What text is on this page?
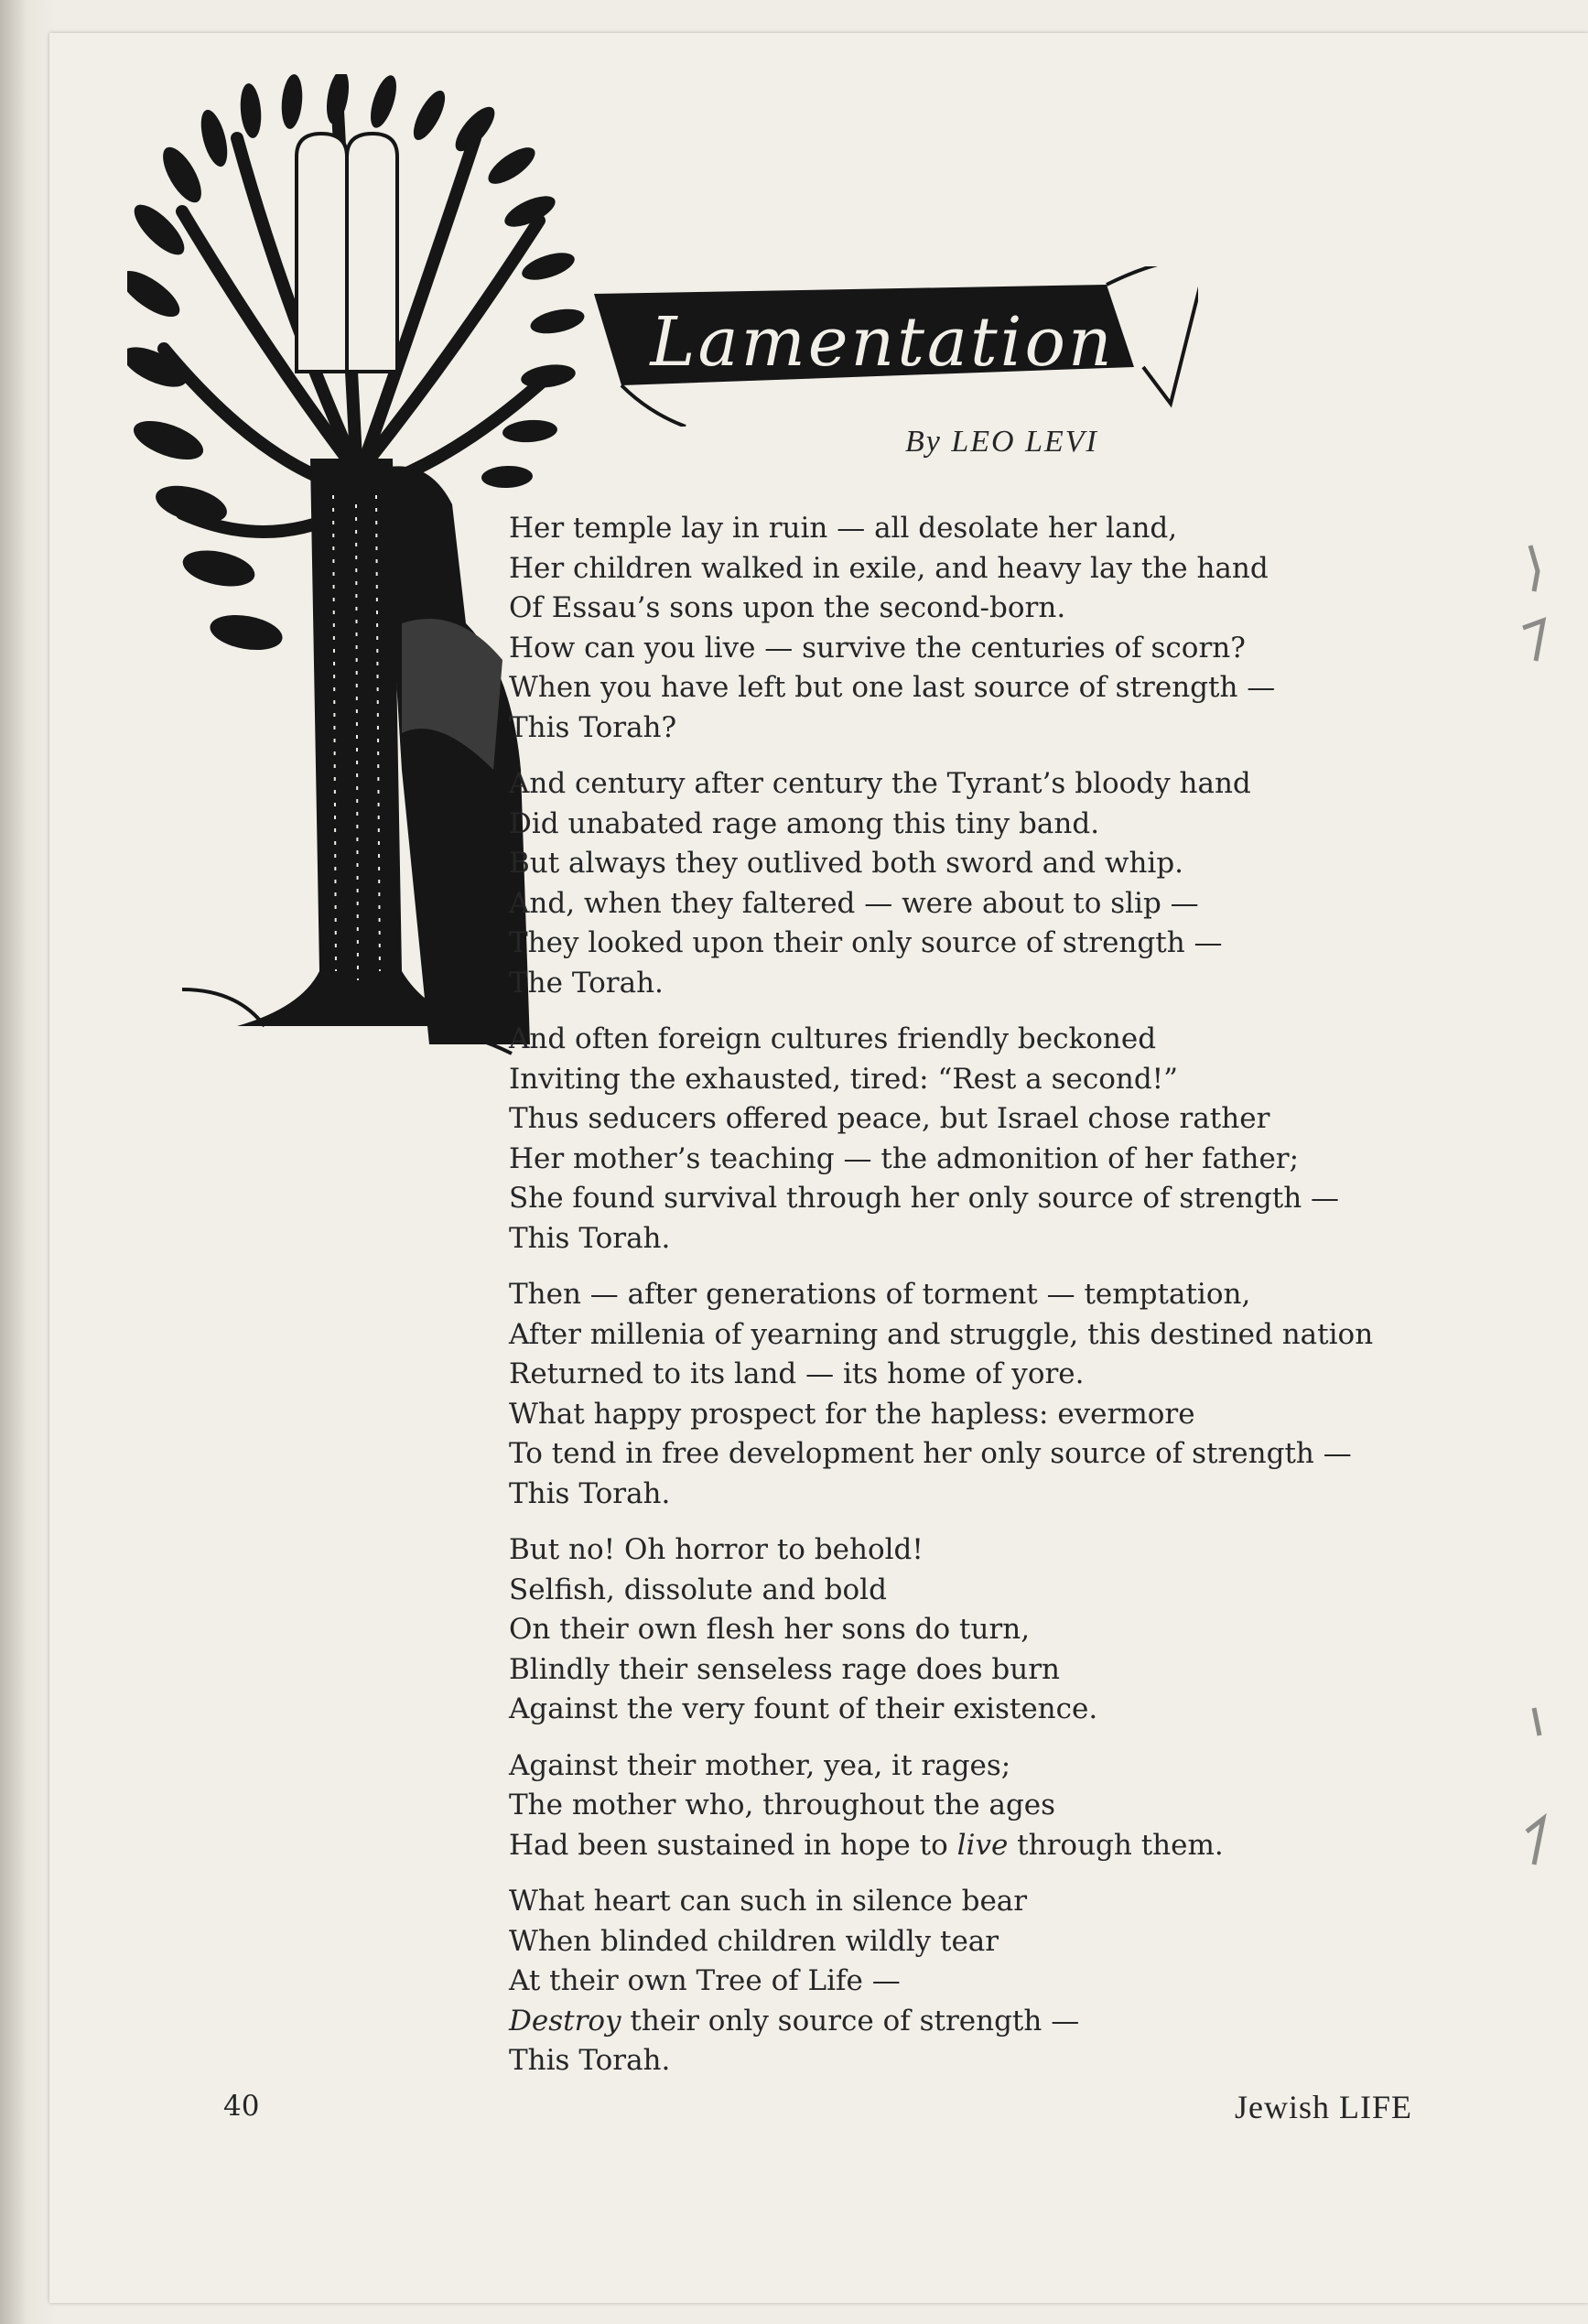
Lamentation
By LEO LEVI
Her temple lay in ruin — all desolate her land,
Her children walked in exile, and heavy lay the hand
Of Essau’s sons upon the second-born.
How can you live — survive the centuries of scorn?
When you have left but one last source of strength —
This Torah?
And century after century the Tyrant’s bloody hand
Did unabated rage among this tiny band.
But always they outlived both sword and whip.
And, when they faltered — were about to slip —
They looked upon their only source of strength —
The Torah.
And often foreign cultures friendly beckoned
Inviting the exhausted, tired: “Rest a second!”
Thus seducers offered peace, but Israel chose rather
Her mother’s teaching — the admonition of her father;
She found survival through her only source of strength —
This Torah.
Then — after generations of torment — temptation,
After millenia of yearning and struggle, this destined nation
Returned to its land — its home of yore.
What happy prospect for the hapless: evermore
To tend in free development her only source of strength —
This Torah.
But no! Oh horror to behold!
Selfish, dissolute and bold
On their own flesh her sons do turn,
Blindly their senseless rage does burn
Against the very fount of their existence.
Against their mother, yea, it rages;
The mother who, throughout the ages
Had been sustained in hope to live through them.
What heart can such in silence bear
When blinded children wildly tear
At their own Tree of Life —
Destroy their only source of strength —
This Torah.
40	Jewish LIFE
